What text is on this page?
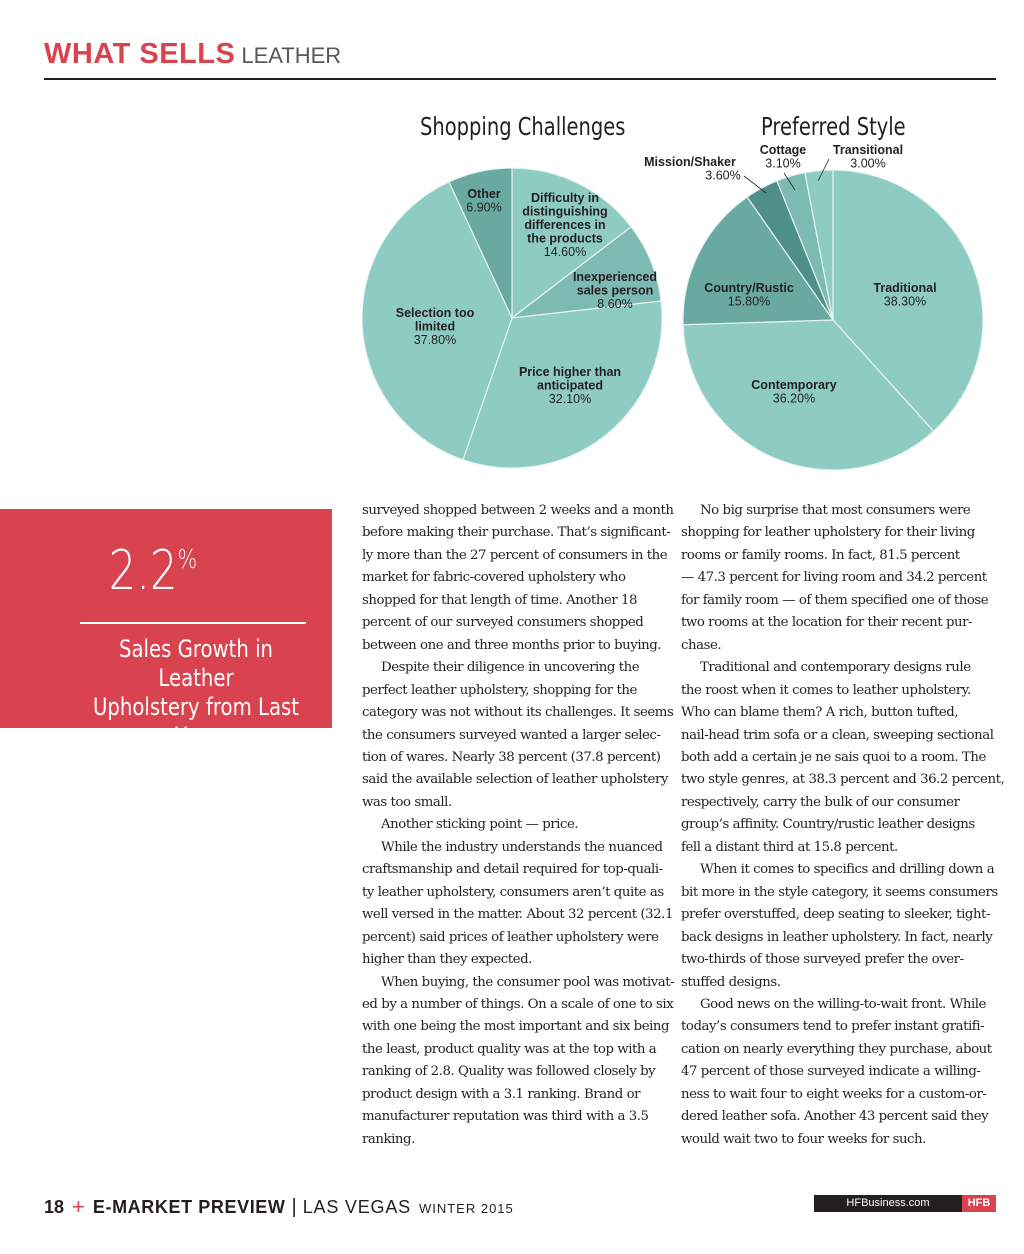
WHAT SELLS LEATHER
Shopping Challenges	Preferred Style
Difficulty in distinguishing differences in the products 14.60%
Inexperienced sales person 8.60%
Price higher than anticipated 32.10%
Selection too limited 37.80%
Other 6.90%
Traditional 38.30%
Contemporary 36.20%
Country/Rustic 15.80%
Mission/Shaker 3.60%
Cottage 3.10%
Transitional 3.00%
2.2%
Sales Growth in Leather
Upholstery from Last Year

surveyed shopped between 2 weeks and a month

before making their purchase. That’s significant-

ly more than the 27 percent of consumers in the

market for fabric-covered upholstery who

shopped for that length of time. Another 18

percent of our surveyed consumers shopped

between one and three months prior to buying.

Despite their diligence in uncovering the

perfect leather upholstery, shopping for the

category was not without its challenges. It seems

the consumers surveyed wanted a larger selec-

tion of wares. Nearly 38 percent (37.8 percent)

said the available selection of leather upholstery

was too small.

Another sticking point — price.

While the industry understands the nuanced

craftsmanship and detail required for top-quali-

ty leather upholstery, consumers aren’t quite as

well versed in the matter. About 32 percent (32.1

percent) said prices of leather upholstery were

higher than they expected.

When buying, the consumer pool was motivat-

ed by a number of things. On a scale of one to six

with one being the most important and six being

the least, product quality was at the top with a

ranking of 2.8. Quality was followed closely by

product design with a 3.1 ranking. Brand or

manufacturer reputation was third with a 3.5

ranking.

No big surprise that most consumers were

shopping for leather upholstery for their living

rooms or family rooms. In fact, 81.5 percent

— 47.3 percent for living room and 34.2 percent

for family room — of them specified one of those

two rooms at the location for their recent pur-

chase.

Traditional and contemporary designs rule

the roost when it comes to leather upholstery.

Who can blame them? A rich, button tufted,

nail-head trim sofa or a clean, sweeping sectional

both add a certain je ne sais quoi to a room. The

two style genres, at 38.3 percent and 36.2 percent,

respectively, carry the bulk of our consumer

group’s affinity. Country/rustic leather designs

fell a distant third at 15.8 percent.

When it comes to specifics and drilling down a

bit more in the style category, it seems consumers

prefer overstuffed, deep seating to sleeker, tight-

back designs in leather upholstery. In fact, nearly

two-thirds of those surveyed prefer the over-

stuffed designs.

Good news on the willing-to-wait front. While

today’s consumers tend to prefer instant gratifi-

cation on nearly everything they purchase, about

47 percent of those surveyed indicate a willing-

ness to wait four to eight weeks for a custom-or-

dered leather sofa. Another 43 percent said they

would wait two to four weeks for such.

18 + E-MARKET PREVIEW | LAS VEGAS WINTER 2015	HFBusiness.com	HFB
